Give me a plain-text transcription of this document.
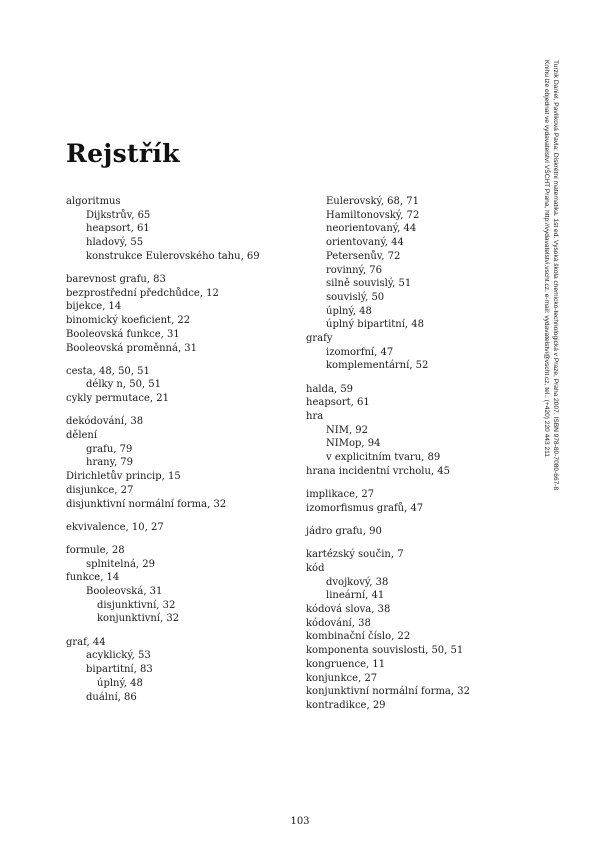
Turzík Daniel, Pavlíková Pavla: Diskrétní matematika. 1st ed. Vysoká škola chemicko-technologická v Praze, Praha 2007. ISBN 978-80-7080-667-8
Knihu lze objednat ve vydavatelství VŠCHT Praha, http://vydavatelstvi.vscht.cz, e-mail: vydavatelstvi@vscht.cz, tel.: (+420) 220 443 211
Rejstřík
algoritmus
Dijkstrův, 65
heapsort, 61
hladový, 55
konstrukce Eulerovského tahu, 69
barevnost grafu, 83
bezprostřední předchůdce, 12
bijekce, 14
binomický koeficient, 22
Booleovská funkce, 31
Booleovská proměnná, 31
cesta, 48, 50, 51
délky n, 50, 51
cykly permutace, 21
dekódování, 38
dělení
grafu, 79
hrany, 79
Dirichletův princip, 15
disjunkce, 27
disjunktivní normální forma, 32
ekvivalence, 10, 27
formule, 28
splnitelná, 29
funkce, 14
Booleovská, 31
disjunktivní, 32
konjunktivní, 32
graf, 44
acyklický, 53
bipartitní, 83
úplný, 48
duální, 86
Eulerovský, 68, 71
Hamiltonovský, 72
neorientovaný, 44
orientovaný, 44
Petersenův, 72
rovinný, 76
silně souvislý, 51
souvislý, 50
úplný, 48
úplný bipartitní, 48
grafy
izomorfní, 47
komplementární, 52
halda, 59
heapsort, 61
hra
NIM, 92
NIMop, 94
v explicitním tvaru, 89
hrana incidentní vrcholu, 45
implikace, 27
izomorfismus grafů, 47
jádro grafu, 90
kartézský součin, 7
kód
dvojkový, 38
lineární, 41
kódová slova, 38
kódování, 38
kombinační číslo, 22
komponenta souvislosti, 50, 51
kongruence, 11
konjunkce, 27
konjunktivní normální forma, 32
kontradikce, 29
103
